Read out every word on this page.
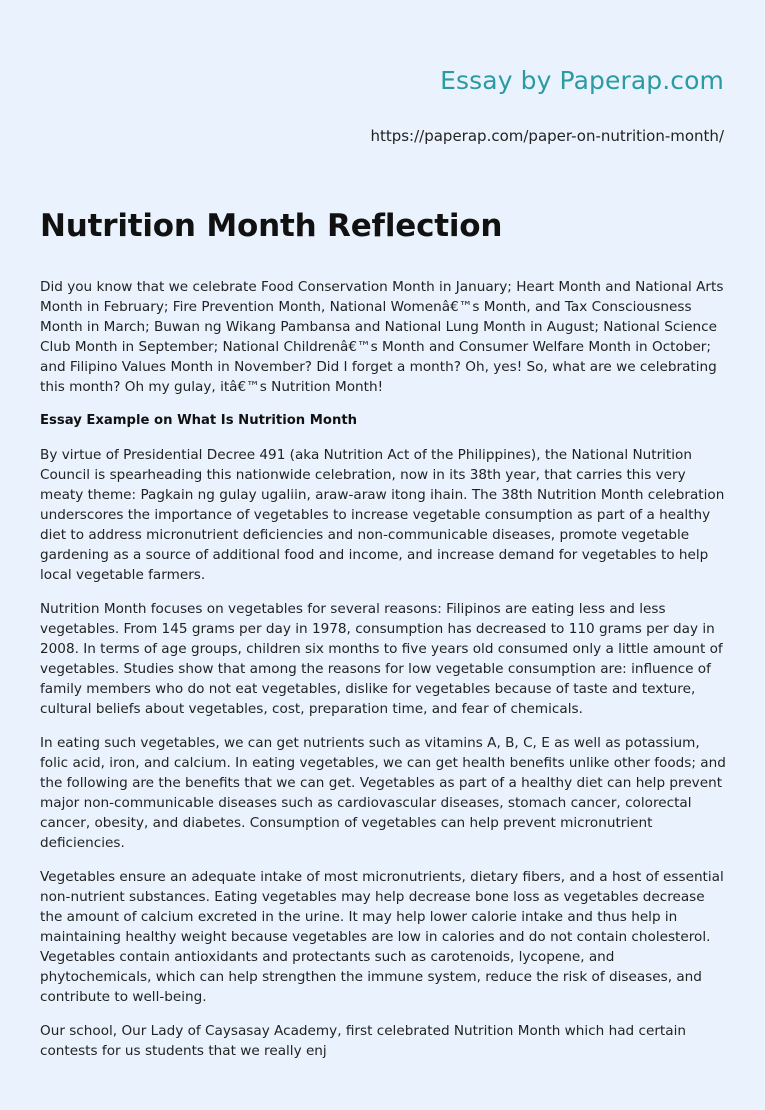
Essay by Paperap.com
https://paperap.com/paper-on-nutrition-month/
Nutrition Month Reflection

Did you know that we celebrate Food Conservation Month in January; Heart Month and National Arts Month in February; Fire Prevention Month, National Womenâ€™s Month, and Tax Consciousness Month in March; Buwan ng Wikang Pambansa and National Lung Month in August; National Science Club Month in September; National Childrenâ€™s Month and Consumer Welfare Month in October; and Filipino Values Month in November? Did I forget a month? Oh, yes! So, what are we celebrating this month? Oh my gulay, itâ€™s Nutrition Month!

Essay Example on What Is Nutrition Month

By virtue of Presidential Decree 491 (aka Nutrition Act of the Philippines), the National Nutrition Council is spearheading this nationwide celebration, now in its 38th year, that carries this very meaty theme: Pagkain ng gulay ugaliin, araw-araw itong ihain. The 38th Nutrition Month celebration underscores the importance of vegetables to increase vegetable consumption as part of a healthy diet to address micronutrient deficiencies and non-communicable diseases, promote vegetable gardening as a source of additional food and income, and increase demand for vegetables to help local vegetable farmers.

Nutrition Month focuses on vegetables for several reasons: Filipinos are eating less and less vegetables. From 145 grams per day in 1978, consumption has decreased to 110 grams per day in 2008. In terms of age groups, children six months to five years old consumed only a little amount of vegetables. Studies show that among the reasons for low vegetable consumption are: influence of family members who do not eat vegetables, dislike for vegetables because of taste and texture, cultural beliefs about vegetables, cost, preparation time, and fear of chemicals.

In eating such vegetables, we can get nutrients such as vitamins A, B, C, E as well as potassium, folic acid, iron, and calcium. In eating vegetables, we can get health benefits unlike other foods; and the following are the benefits that we can get. Vegetables as part of a healthy diet can help prevent major non-communicable diseases such as cardiovascular diseases, stomach cancer, colorectal cancer, obesity, and diabetes. Consumption of vegetables can help prevent micronutrient deficiencies.

Vegetables ensure an adequate intake of most micronutrients, dietary fibers, and a host of essential non-nutrient substances. Eating vegetables may help decrease bone loss as vegetables decrease the amount of calcium excreted in the urine. It may help lower calorie intake and thus help in maintaining healthy weight because vegetables are low in calories and do not contain cholesterol. Vegetables contain antioxidants and protectants such as carotenoids, lycopene, and phytochemicals, which can help strengthen the immune system, reduce the risk of diseases, and contribute to well-being.

Our school, Our Lady of Caysasay Academy, first celebrated Nutrition Month which had certain contests for us students that we really enj
